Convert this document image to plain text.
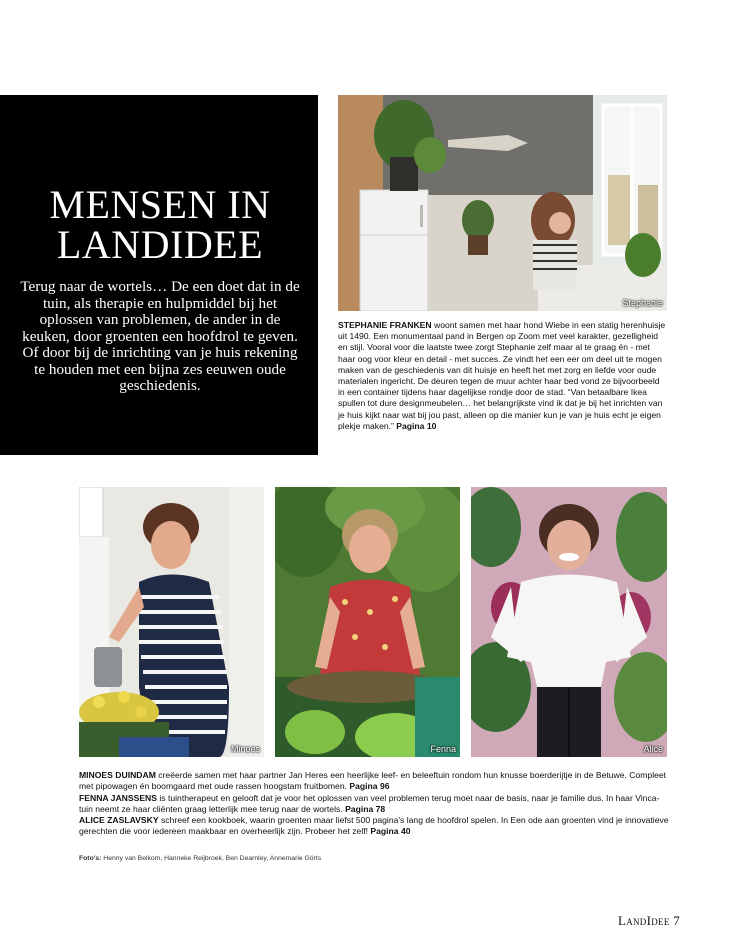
MENSEN IN LANDIDEE

Terug naar de wortels… De een doet dat in de tuin, als therapie en hulpmiddel bij het oplossen van problemen, de ander in de keuken, door groenten een hoofdrol te geven. Of door bij de inrichting van je huis rekening te houden met een bijna zes eeuwen oude geschiedenis.

Stephanie

STEPHANIE FRANKEN woont samen met haar hond Wiebe in een statig herenhuisje uit 1490. Een monumentaal pand in Bergen op Zoom met veel karakter, gezelligheid en stijl. Vooral voor die laatste twee zorgt Stephanie zelf maar al te graag én - met haar oog voor kleur en detail - met succes. Ze vindt het een eer om deel uit te mogen maken van de geschiedenis van dit huisje en heeft het met zorg en liefde voor oude materialen ingericht. De deuren tegen de muur achter haar bed vond ze bijvoorbeeld in een container tijdens haar dagelijkse rondje door de stad. “Van betaalbare Ikea spullen tot dure designmeubelen… het belangrijkste vind ik dat je bij het inrichten van je huis kijkt naar wat bij jou past, alleen op die manier kun je van je huis echt je eigen plekje maken.” Pagina 10

Minoes	Fenna	Alice

MINOES DUINDAM creëerde samen met haar partner Jan Heres een heerlijke leef- en beleeftuin rondom hun knusse boerderijtje in de Betuwe. Compleet met pipowagen én boomgaard met oude rassen hoogstam fruitbomen. Pagina 96

FENNA JANSSENS is tuintherapeut en gelooft dat je voor het oplossen van veel problemen terug moet naar de basis, naar je familie dus. In haar Vinca-tuin neemt ze haar cliënten graag letterlijk mee terug naar de wortels. Pagina 78

ALICE ZASLAVSKY schreef een kookboek, waarin groenten maar liefst 500 pagina's lang de hoofdrol spelen. In Een ode aan groenten vind je innovatieve gerechten die voor iedereen maakbaar en overheerlijk zijn. Probeer het zelf! Pagina 40

Foto's: Henny van Belkom, Hanneke Reijbroek, Ben Dearnley, Annemarie Görts

LandIdee 7
